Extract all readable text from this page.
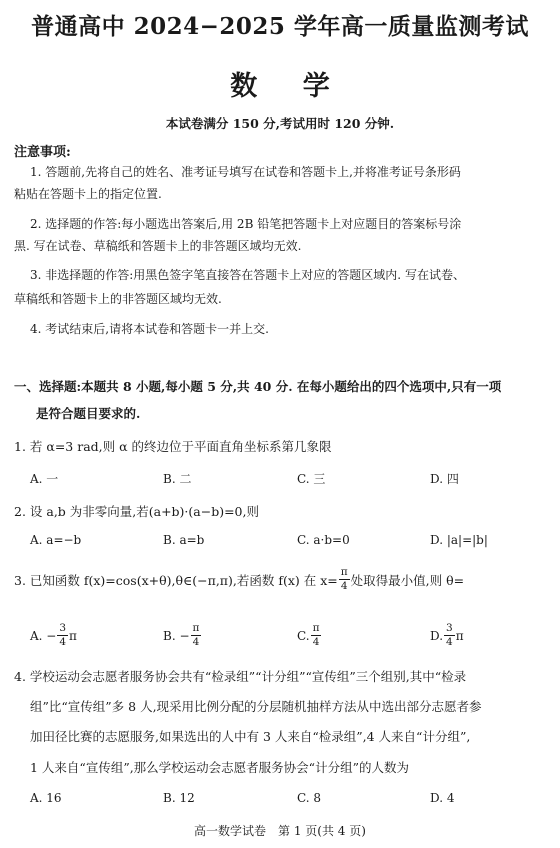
普通高中 2024−2025 学年高一质量监测考试
数 学
本试卷满分 150 分,考试用时 120 分钟.
注意事项:
1. 答题前,先将自己的姓名、准考证号填写在试卷和答题卡上,并将准考证号条形码
粘贴在答题卡上的指定位置.
2. 选择题的作答:每小题选出答案后,用 2B 铅笔把答题卡上对应题目的答案标号涂
黑. 写在试卷、草稿纸和答题卡上的非答题区域均无效.
3. 非选择题的作答:用黑色签字笔直接答在答题卡上对应的答题区域内. 写在试卷、
草稿纸和答题卡上的非答题区域均无效.
4. 考试结束后,请将本试卷和答题卡一并上交.
一、选择题:本题共 8 小题,每小题 5 分,共 40 分. 在每小题给出的四个选项中,只有一项
是符合题目要求的.
1. 若 α=3 rad,则 α 的终边位于平面直角坐标系第几象限
A. 一	B. 二	C. 三	D. 四
2. 设 a,b 为非零向量,若(a+b)·(a−b)=0,则
A. a=−b	B. a=b	C. a·b=0	D. |a|=|b|
3. 已知函数 f(x)=cos(x+θ),θ∈(−π,π),若函数 f(x) 在 $x= \frac{\pi}{4}$ 处取得最小值,则 θ=
A. − $\frac{3}{4}$ π	B. − $\frac{\pi}{4}$	C. $\frac{\pi}{4}$	D. $\frac{3}{4}$ π
4. 学校运动会志愿者服务协会共有“检录组”“计分组”“宣传组”三个组别,其中“检录
组”比“宣传组”多 8 人,现采用比例分配的分层随机抽样方法从中选出部分志愿者参
加田径比赛的志愿服务,如果选出的人中有 3 人来自“检录组”,4 人来自“计分组”,
1 人来自“宣传组”,那么学校运动会志愿者服务协会“计分组”的人数为
A. 16	B. 12	C. 8	D. 4
高一数学试卷　第 1 页(共 4 页)
